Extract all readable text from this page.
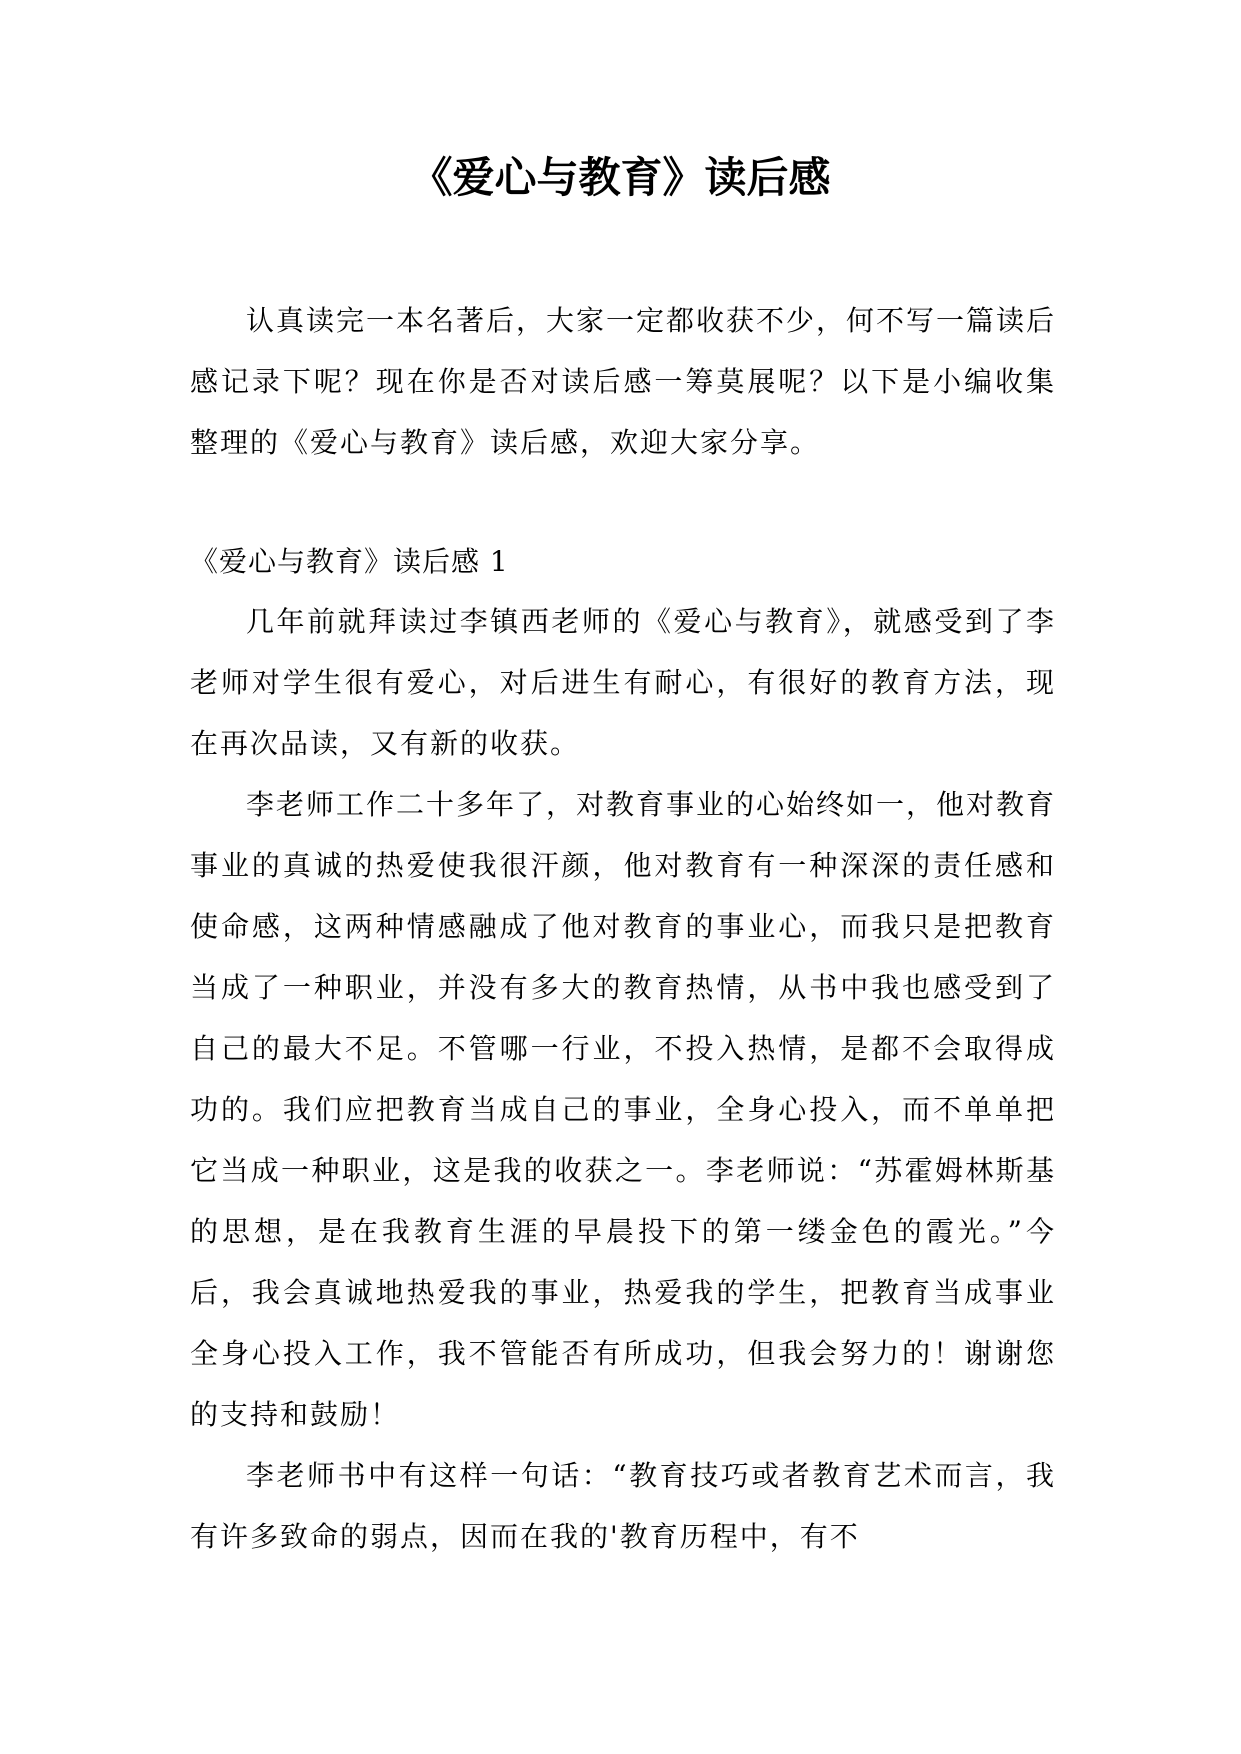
《爱心与教育》读后感

认真读完一本名著后，大家一定都收获不少，何不写一篇读后感记录下呢？现在你是否对读后感一筹莫展呢？以下是小编收集整理的《爱心与教育》读后感，欢迎大家分享。

《爱心与教育》读后感 1

几年前就拜读过李镇西老师的《爱心与教育》，就感受到了李老师对学生很有爱心，对后进生有耐心，有很好的教育方法，现在再次品读，又有新的收获。

李老师工作二十多年了，对教育事业的心始终如一，他对教育事业的真诚的热爱使我很汗颜，他对教育有一种深深的责任感和使命感，这两种情感融成了他对教育的事业心，而我只是把教育当成了一种职业，并没有多大的教育热情，从书中我也感受到了自己的最大不足。不管哪一行业，不投入热情，是都不会取得成功的。我们应把教育当成自己的事业，全身心投入，而不单单把它当成一种职业，这是我的收获之一。李老师说：“苏霍姆林斯基的思想，是在我教育生涯的早晨投下的第一缕金色的霞光。”今后，我会真诚地热爱我的事业，热爱我的学生，把教育当成事业全身心投入工作，我不管能否有所成功，但我会努力的！谢谢您的支持和鼓励！

李老师书中有这样一句话：“教育技巧或者教育艺术而言，我有许多致命的弱点，因而在我的'教育历程中，有不
